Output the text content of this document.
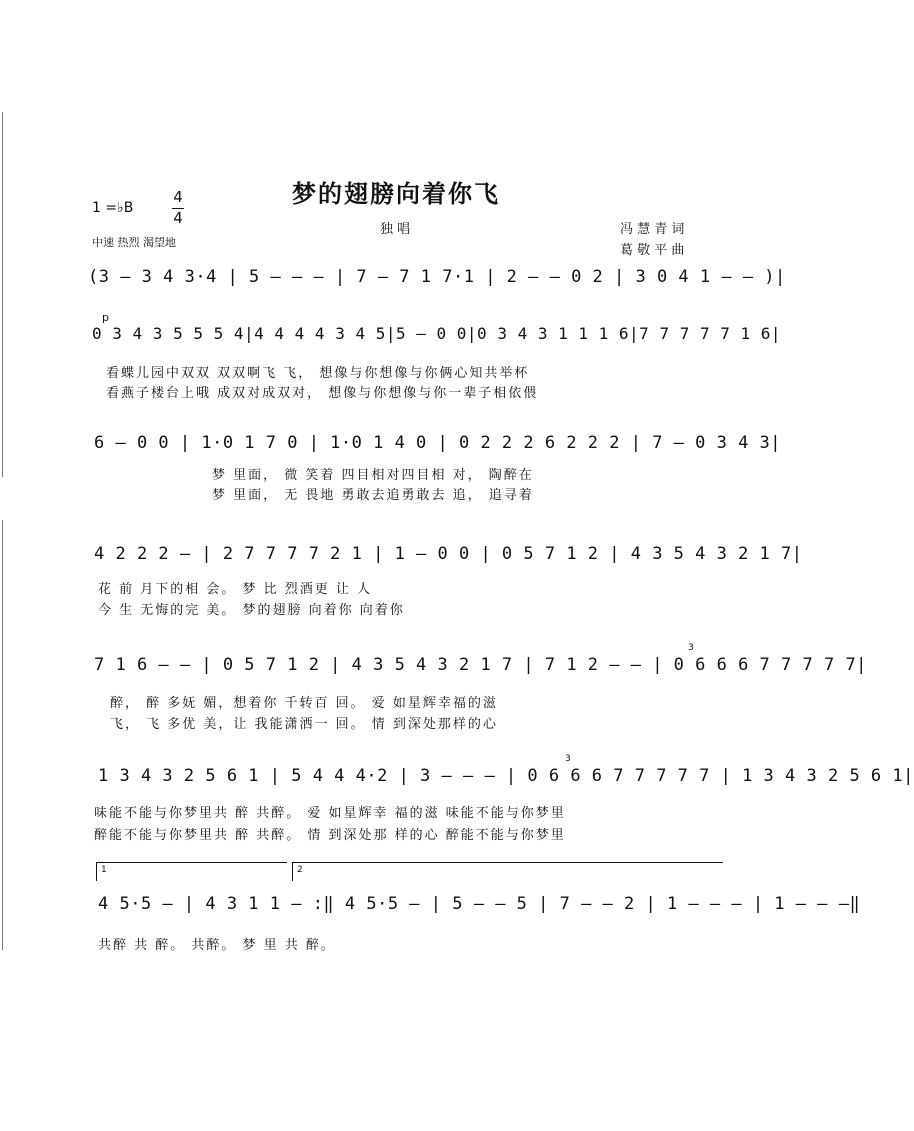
1 =♭B
4
4
梦的翅膀向着你飞
独 唱
中速 热烈 渴望地
冯 慧 青 词
葛 敬 平 曲
(3 — 3 4 3·4 | 5 — — — | 7 — 7 1 7·1 | 2 — — 0 2 | 3 0 4 1 — — )|
p
0 3 4 3 5 5 5 4|4 4 4 4 3 4 5|5 — 0 0|0 3 4 3 1 1 1 6|7 7 7 7 7 1 6|
看蝶儿园中双双 双双啊飞 飞， 想像与你想像与你俩心知共举杯
看燕子楼台上哦 成双对成双对， 想像与你想像与你一辈子相依偎
6 — 0 0 | 1·0 1 7 0 | 1·0 1 4 0 | 0 2 2 2 6 2 2 2 | 7 — 0 3 4 3|
梦 里面， 微 笑着 四目相对四目相 对， 陶醉在
梦 里面， 无 畏地 勇敢去追勇敢去 追， 追寻着
4 2 2 2 — | 2 7 7 7 7 2 1 | 1 — 0 0 | 0 5 7 1 2 | 4 3 5 4 3 2 1 7|
花 前 月下的相 会。 梦 比 烈酒更 让 人
今 生 无悔的完 美。 梦的翅膀 向着你 向着你
3
7 1 6 — — | 0 5 7 1 2 | 4 3 5 4 3 2 1 7 | 7 1 2 — — | 0 6 6 6 7 7 7 7 7|
醉， 醉 多妩 媚，想着你 千转百 回。 爱 如星辉幸福的滋
飞， 飞 多优 美，让 我能潇洒一 回。 情 到深处那样的心
3
1 3 4 3 2 5 6 1 | 5 4 4 4·2 | 3 — — — | 0 6 6 6 7 7 7 7 7 | 1 3 4 3 2 5 6 1|
味能不能与你梦里共 醉 共醉。 爱 如星辉幸 福的滋 味能不能与你梦里
醉能不能与你梦里共 醉 共醉。 情 到深处那 样的心 醉能不能与你梦里
1	2
4 5·5 — | 4 3 1 1 — :‖ 4 5·5 — | 5 — — 5 | 7 — — 2 | 1 — — — | 1 — — —‖
共醉 共 醉。 共醉。 梦 里 共 醉。
